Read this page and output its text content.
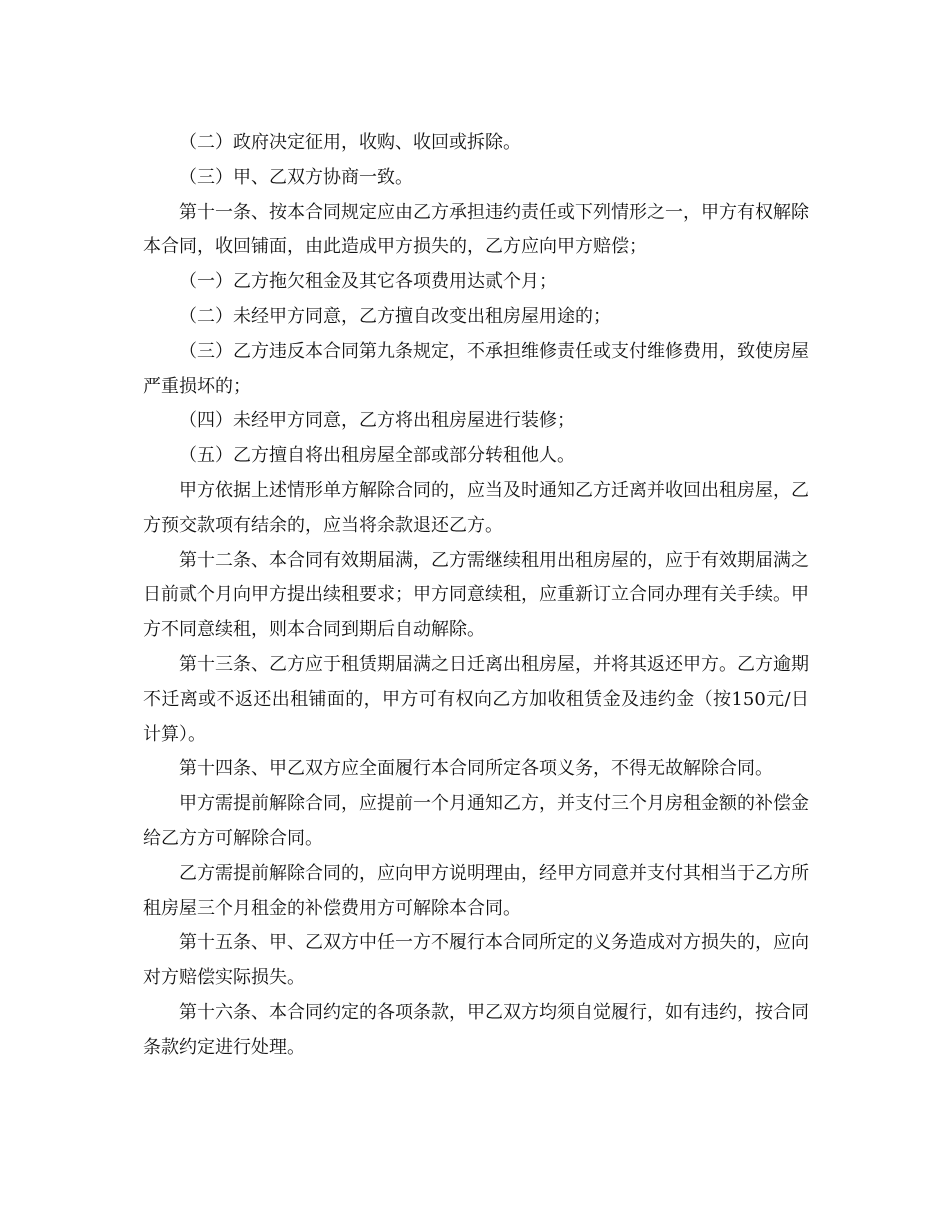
（二）政府决定征用，收购、收回或拆除。

（三）甲、乙双方协商一致。

第十一条、按本合同规定应由乙方承担违约责任或下列情形之一，甲方有权解除本合同，收回铺面，由此造成甲方损失的，乙方应向甲方赔偿；

（一）乙方拖欠租金及其它各项费用达贰个月；

（二）未经甲方同意，乙方擅自改变出租房屋用途的；

（三）乙方违反本合同第九条规定，不承担维修责任或支付维修费用，致使房屋严重损坏的；

（四）未经甲方同意，乙方将出租房屋进行装修；

（五）乙方擅自将出租房屋全部或部分转租他人。

甲方依据上述情形单方解除合同的，应当及时通知乙方迁离并收回出租房屋，乙方预交款项有结余的，应当将余款退还乙方。

第十二条、本合同有效期届满，乙方需继续租用出租房屋的，应于有效期届满之日前贰个月向甲方提出续租要求；甲方同意续租，应重新订立合同办理有关手续。甲方不同意续租，则本合同到期后自动解除。

第十三条、乙方应于租赁期届满之日迁离出租房屋，并将其返还甲方。乙方逾期不迁离或不返还出租铺面的，甲方可有权向乙方加收租赁金及违约金（按150元/日计算）。

第十四条、甲乙双方应全面履行本合同所定各项义务，不得无故解除合同。

甲方需提前解除合同，应提前一个月通知乙方，并支付三个月房租金额的补偿金给乙方方可解除合同。

乙方需提前解除合同的，应向甲方说明理由，经甲方同意并支付其相当于乙方所租房屋三个月租金的补偿费用方可解除本合同。

第十五条、甲、乙双方中任一方不履行本合同所定的义务造成对方损失的，应向对方赔偿实际损失。

第十六条、本合同约定的各项条款，甲乙双方均须自觉履行，如有违约，按合同条款约定进行处理。
